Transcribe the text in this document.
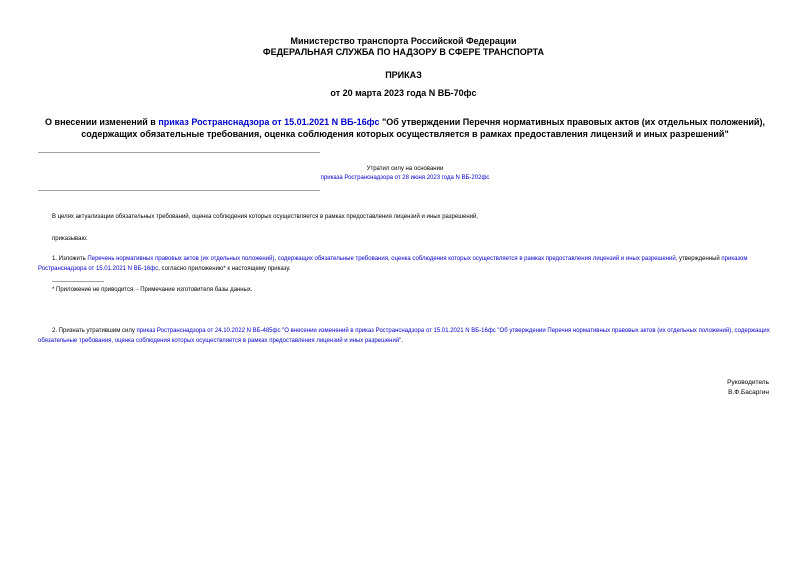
Министерство транспорта Российской Федерации
ФЕДЕРАЛЬНАЯ СЛУЖБА ПО НАДЗОРУ В СФЕРЕ ТРАНСПОРТА
ПРИКАЗ
от 20 марта 2023 года N ВБ-70фс
О внесении изменений в приказ Ространснадзора от 15.01.2021 N ВБ-16фс "Об утверждении Перечня нормативных правовых актов (их отдельных положений), содержащих обязательные требования, оценка соблюдения которых осуществляется в рамках предоставления лицензий и иных разрешений"
Утратил силу на основании
приказа Ространснадзора от 28 июня 2023 года N ВБ-202фс
В целях актуализации обязательных требований, оценка соблюдения которых осуществляется в рамках предоставления лицензий и иных разрешений,
приказываю:
1. Изложить Перечень нормативных правовых актов (их отдельных положений), содержащих обязательные требования, оценка соблюдения которых осуществляется в рамках предоставления лицензий и иных разрешений, утвержденный приказом Ространснадзора от 15.01.2021 N ВБ-16фс, согласно приложению* к настоящему приказу.
* Приложение не приводится. - Примечание изготовителя базы данных.
2. Признать утратившим силу приказ Ространснадзора от 24.10.2022 N ВБ-485фс "О внесении изменений в приказ Ространснадзора от 15.01.2021 N ВБ-16фс "Об утверждении Перечня нормативных правовых актов (их отдельных положений), содержащих обязательные требования, оценка соблюдения которых осуществляется в рамках предоставления лицензий и иных разрешений".
Руководитель
В.Ф.Басаргин
